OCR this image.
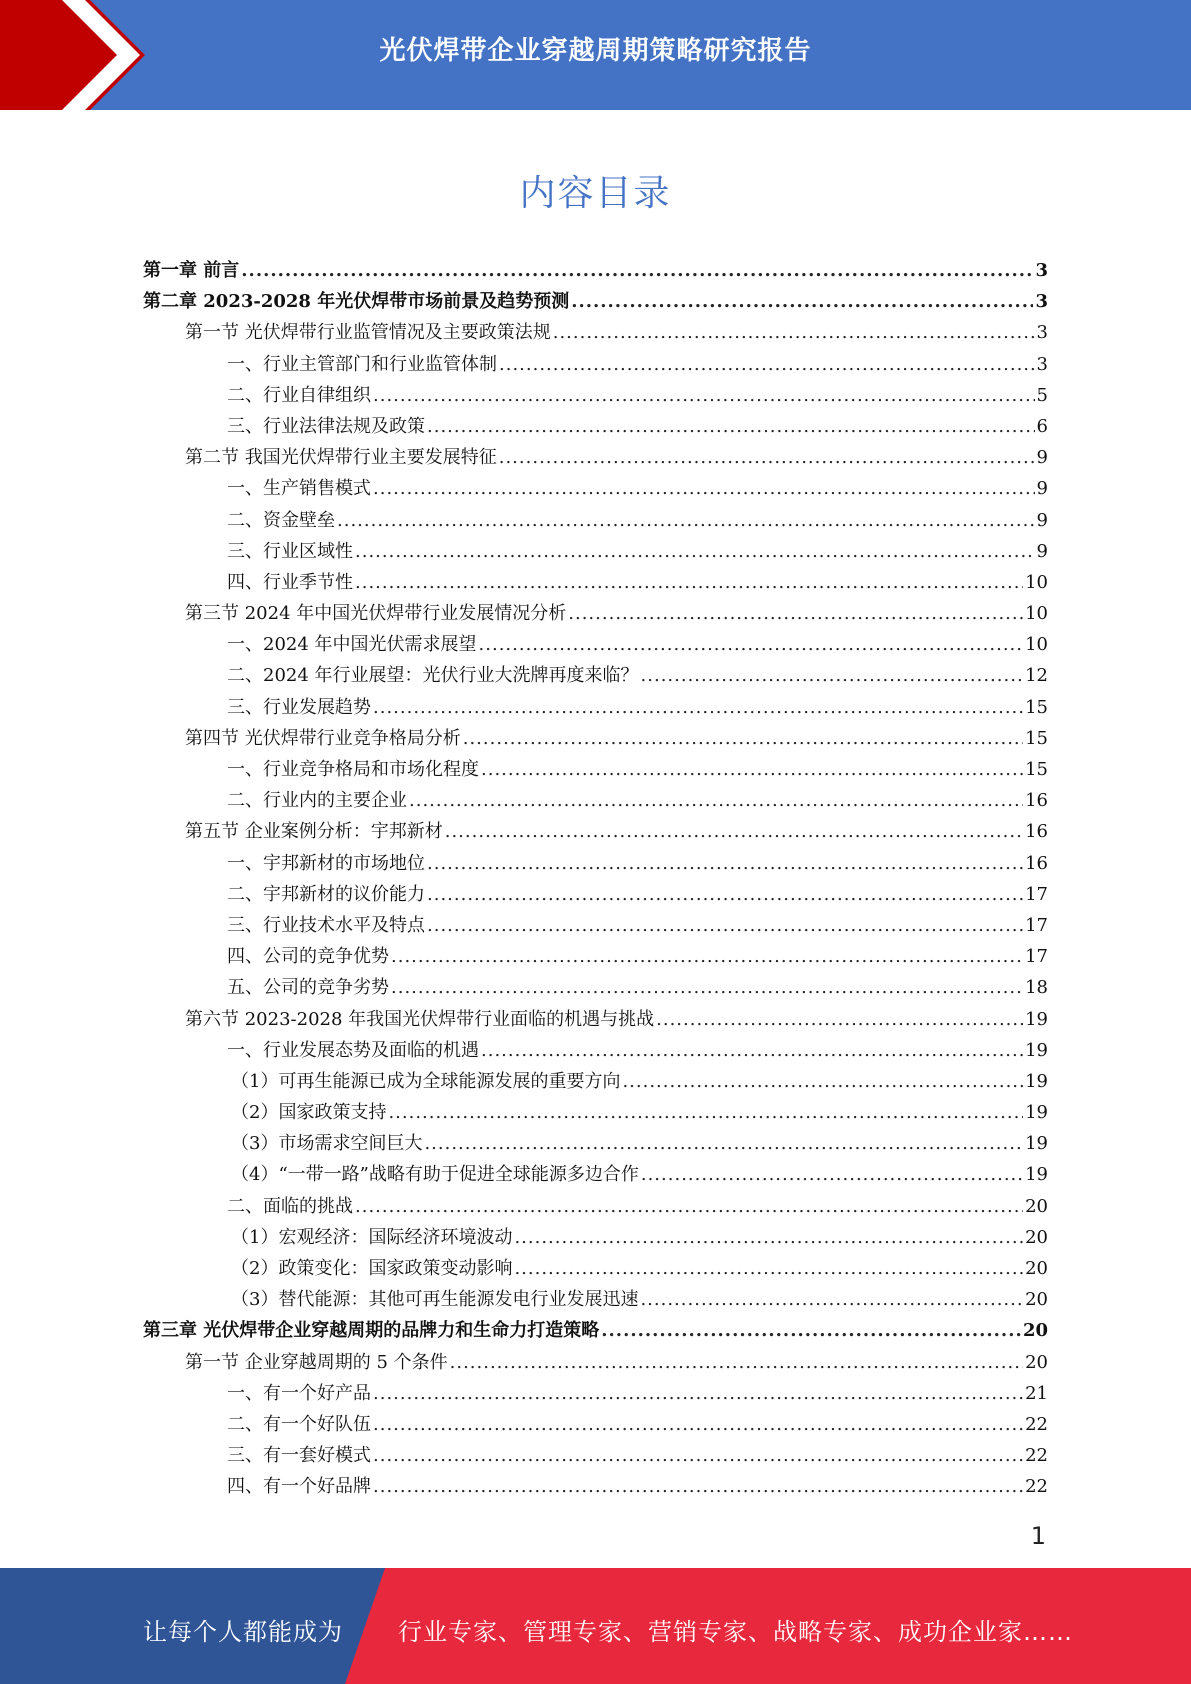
光伏焊带企业穿越周期策略研究报告
内容目录
第一章 前言 .....	3
第二章 2023-2028 年光伏焊带市场前景及趋势预测 .....	3
第一节 光伏焊带行业监管情况及主要政策法规 .....	3
一、行业主管部门和行业监管体制 .....	3
二、行业自律组织 .....	5
三、行业法律法规及政策 .....	6
第二节 我国光伏焊带行业主要发展特征 .....	9
一、生产销售模式 .....	9
二、资金壁垒 .....	9
三、行业区域性 .....	9
四、行业季节性 .....	10
第三节 2024 年中国光伏焊带行业发展情况分析 .....	10
一、2024 年中国光伏需求展望 .....	10
二、2024 年行业展望：光伏行业大洗牌再度来临？ .....	12
三、行业发展趋势 .....	15
第四节 光伏焊带行业竞争格局分析 .....	15
一、行业竞争格局和市场化程度 .....	15
二、行业内的主要企业 .....	16
第五节 企业案例分析：宇邦新材 .....	16
一、宇邦新材的市场地位 .....	16
二、宇邦新材的议价能力 .....	17
三、行业技术水平及特点 .....	17
四、公司的竞争优势 .....	17
五、公司的竞争劣势 .....	18
第六节 2023-2028 年我国光伏焊带行业面临的机遇与挑战 .....	19
一、行业发展态势及面临的机遇 .....	19
（1）可再生能源已成为全球能源发展的重要方向 .....	19
（2）国家政策支持 .....	19
（3）市场需求空间巨大 .....	19
（4）“一带一路”战略有助于促进全球能源多边合作 .....	19
二、面临的挑战 .....	20
（1）宏观经济：国际经济环境波动 .....	20
（2）政策变化：国家政策变动影响 .....	20
（3）替代能源：其他可再生能源发电行业发展迅速 .....	20
第三章 光伏焊带企业穿越周期的品牌力和生命力打造策略 .....	20
第一节 企业穿越周期的 5 个条件 .....	20
一、有一个好产品 .....	21
二、有一个好队伍 .....	22
三、有一套好模式 .....	22
四、有一个好品牌 .....	22
1
让每个人都能成为 行业专家、管理专家、营销专家、战略专家、成功企业家……
